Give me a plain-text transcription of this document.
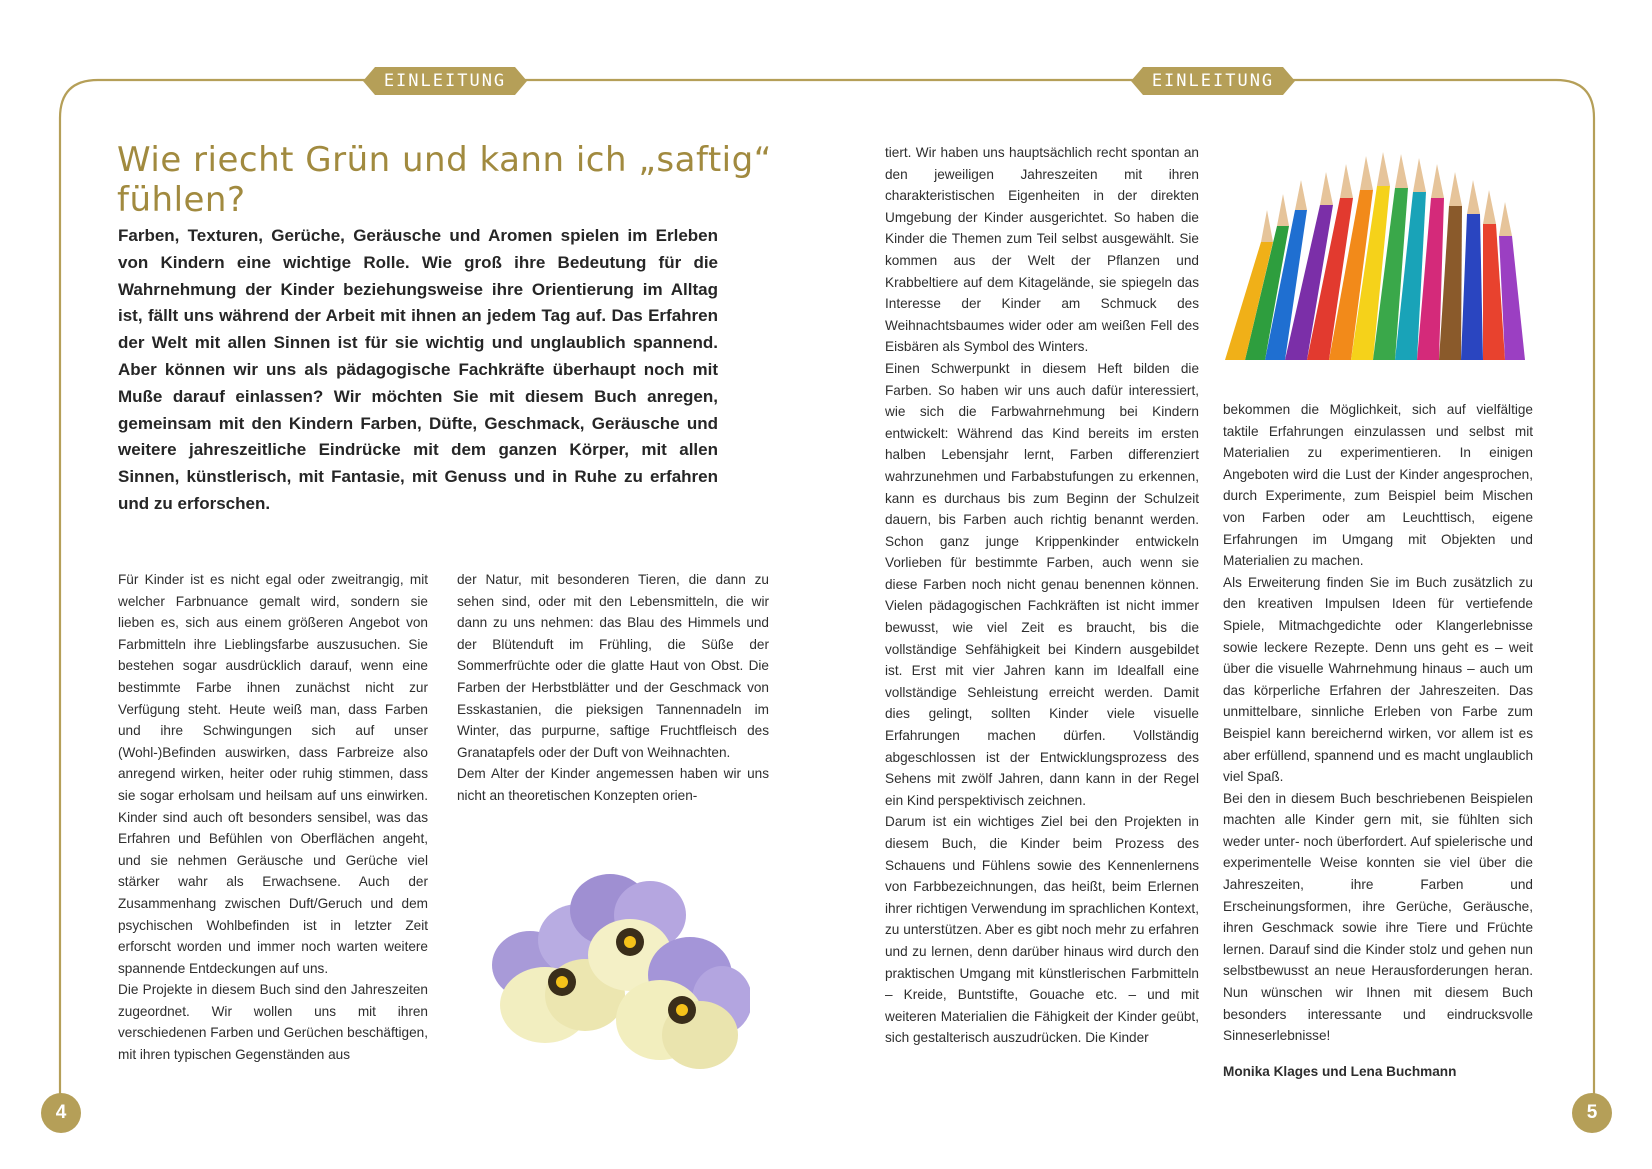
EINLEITUNG	EINLEITUNG
4	5
Wie riecht Grün und kann ich „saftig“ fühlen?

Farben, Texturen, Gerüche, Geräusche und Aromen spielen im Erleben von Kindern eine wichtige Rolle. Wie groß ihre Bedeutung für die Wahrnehmung der Kinder beziehungsweise ihre Orientierung im Alltag ist, fällt uns während der Arbeit mit ihnen an jedem Tag auf. Das Erfahren der Welt mit allen Sinnen ist für sie wichtig und unglaublich spannend. Aber können wir uns als pädagogische Fachkräfte überhaupt noch mit Muße darauf einlassen? Wir möchten Sie mit diesem Buch anregen, gemeinsam mit den Kindern Farben, Düfte, Geschmack, Geräusche und weitere jahreszeitliche Eindrücke mit dem ganzen Körper, mit allen Sinnen, künstlerisch, mit Fantasie, mit Genuss und in Ruhe zu erfahren und zu erforschen.

Für Kinder ist es nicht egal oder zweitrangig, mit welcher Farbnuance gemalt wird, sondern sie lieben es, sich aus einem größeren Angebot von Farbmitteln ihre Lieblingsfarbe auszusuchen. Sie bestehen sogar ausdrücklich darauf, wenn eine bestimmte Farbe ihnen zunächst nicht zur Verfügung steht. Heute weiß man, dass Farben und ihre Schwingungen sich auf unser (Wohl-)Befinden auswirken, dass Farbreize also anregend wirken, heiter oder ruhig stimmen, dass sie sogar erholsam und heilsam auf uns einwirken. Kinder sind auch oft besonders sensibel, was das Erfahren und Befühlen von Oberflächen angeht, und sie nehmen Geräusche und Gerüche viel stärker wahr als Erwachsene. Auch der Zusammenhang zwischen Duft/Geruch und dem psychischen Wohlbefinden ist in letzter Zeit erforscht worden und immer noch warten weitere spannende Entdeckungen auf uns.

Die Projekte in diesem Buch sind den Jahreszeiten zugeordnet. Wir wollen uns mit ihren verschiedenen Farben und Gerüchen beschäftigen, mit ihren typischen Gegenständen aus

der Natur, mit besonderen Tieren, die dann zu sehen sind, oder mit den Lebensmitteln, die wir dann zu uns nehmen: das Blau des Himmels und der Blütenduft im Frühling, die Süße der Sommerfrüchte oder die glatte Haut von Obst. Die Farben der Herbstblätter und der Geschmack von Esskastanien, die pieksigen Tannennadeln im Winter, das purpurne, saftige Fruchtfleisch des Granatapfels oder der Duft von Weihnachten.

Dem Alter der Kinder angemessen haben wir uns nicht an theoretischen Konzepten orien-

tiert. Wir haben uns hauptsächlich recht spontan an den jeweiligen Jahreszeiten mit ihren charakteristischen Eigenheiten in der direkten Umgebung der Kinder ausgerichtet. So haben die Kinder die Themen zum Teil selbst ausgewählt. Sie kommen aus der Welt der Pflanzen und Krabbeltiere auf dem Kitagelände, sie spiegeln das Interesse der Kinder am Schmuck des Weihnachtsbaumes wider oder am weißen Fell des Eisbären als Symbol des Winters.

Einen Schwerpunkt in diesem Heft bilden die Farben. So haben wir uns auch dafür interessiert, wie sich die Farbwahrnehmung bei Kindern entwickelt: Während das Kind bereits im ersten halben Lebensjahr lernt, Farben differenziert wahrzunehmen und Farbabstufungen zu erkennen, kann es durchaus bis zum Beginn der Schulzeit dauern, bis Farben auch richtig benannt werden. Schon ganz junge Krippenkinder entwickeln Vorlieben für bestimmte Farben, auch wenn sie diese Farben noch nicht genau benennen können. Vielen pädagogischen Fachkräften ist nicht immer bewusst, wie viel Zeit es braucht, bis die vollständige Sehfähigkeit bei Kindern ausgebildet ist. Erst mit vier Jahren kann im Idealfall eine vollständige Sehleistung erreicht werden. Damit dies gelingt, sollten Kinder viele visuelle Erfahrungen machen dürfen. Vollständig abgeschlossen ist der Entwicklungsprozess des Sehens mit zwölf Jahren, dann kann in der Regel ein Kind perspektivisch zeichnen.

Darum ist ein wichtiges Ziel bei den Projekten in diesem Buch, die Kinder beim Prozess des Schauens und Fühlens sowie des Kennenlernens von Farbbezeichnungen, das heißt, beim Erlernen ihrer richtigen Verwendung im sprachlichen Kontext, zu unterstützen. Aber es gibt noch mehr zu erfahren und zu lernen, denn darüber hinaus wird durch den praktischen Umgang mit künstlerischen Farbmitteln – Kreide, Buntstifte, Gouache etc. – und mit weiteren Materialien die Fähigkeit der Kinder geübt, sich gestalterisch auszudrücken. Die Kinder

bekommen die Möglichkeit, sich auf vielfältige taktile Erfahrungen einzulassen und selbst mit Materialien zu experimentieren. In einigen Angeboten wird die Lust der Kinder angesprochen, durch Experimente, zum Beispiel beim Mischen von Farben oder am Leuchttisch, eigene Erfahrungen im Umgang mit Objekten und Materialien zu machen.

Als Erweiterung finden Sie im Buch zusätzlich zu den kreativen Impulsen Ideen für vertiefende Spiele, Mitmachgedichte oder Klangerlebnisse sowie leckere Rezepte. Denn uns geht es – weit über die visuelle Wahrnehmung hinaus – auch um das körperliche Erfahren der Jahreszeiten. Das unmittelbare, sinnliche Erleben von Farbe zum Beispiel kann bereichernd wirken, vor allem ist es aber erfüllend, spannend und es macht unglaublich viel Spaß.

Bei den in diesem Buch beschriebenen Beispielen machten alle Kinder gern mit, sie fühlten sich weder unter- noch überfordert. Auf spielerische und experimentelle Weise konnten sie viel über die Jahreszeiten, ihre Farben und Erscheinungsformen, ihre Gerüche, Geräusche, ihren Geschmack sowie ihre Tiere und Früchte lernen. Darauf sind die Kinder stolz und gehen nun selbstbewusst an neue Herausforderungen heran. Nun wünschen wir Ihnen mit diesem Buch besonders interessante und eindrucksvolle Sinneserlebnisse!

Monika Klages und Lena Buchmann
